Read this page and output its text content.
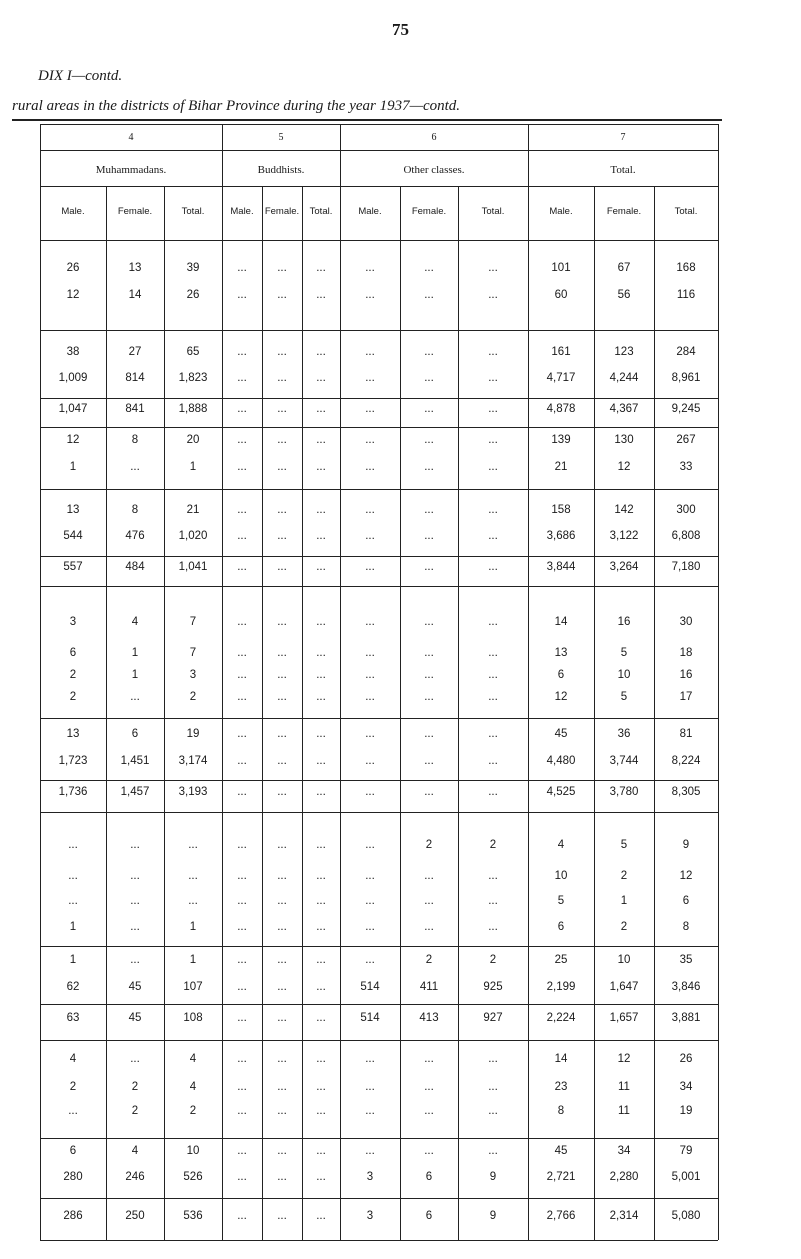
75
DIX I—contd.
rural areas in the districts of Bihar Province during the year 1937—contd.
4	5	6	7
Muhammadans.	Buddhists.	Other classes.	Total.
Male.	Female.	Total.	Male.	Female.	Total.	Male.	Female.	Total.	Male.	Female.	Total.
26	13	39	...	...	...	...	...	...	101	67	168
12	14	26	...	...	...	...	...	...	60	56	116
38	27	65	...	...	...	...	...	...	161	123	284
1,009	814	1,823	...	...	...	...	...	...	4,717	4,244	8,961
1,047	841	1,888	...	...	...	...	...	...	4,878	4,367	9,245
12	8	20	...	...	...	...	...	...	139	130	267
1	...	1	...	...	...	...	...	...	21	12	33
13	8	21	...	...	...	...	...	...	158	142	300
544	476	1,020	...	...	...	...	...	...	3,686	3,122	6,808
557	484	1,041	...	...	...	...	...	...	3,844	3,264	7,180
3	4	7	...	...	...	...	...	...	14	16	30
6	1	7	...	...	...	...	...	...	13	5	18
2	1	3	...	...	...	...	...	...	6	10	16
2	...	2	...	...	...	...	...	...	12	5	17
13	6	19	...	...	...	...	...	...	45	36	81
1,723	1,451	3,174	...	...	...	...	...	...	4,480	3,744	8,224
1,736	1,457	3,193	...	...	...	...	...	...	4,525	3,780	8,305
...	...	...	...	...	...	...	2	2	4	5	9
...	...	...	...	...	...	...	...	...	10	2	12
...	...	...	...	...	...	...	...	...	5	1	6
1	...	1	...	...	...	...	...	...	6	2	8
1	...	1	...	...	...	...	2	2	25	10	35
62	45	107	...	...	...	514	411	925	2,199	1,647	3,846
63	45	108	...	...	...	514	413	927	2,224	1,657	3,881
4	...	4	...	...	...	...	...	...	14	12	26
2	2	4	...	...	...	...	...	...	23	11	34
...	2	2	...	...	...	...	...	...	8	11	19
6	4	10	...	...	...	...	...	...	45	34	79
280	246	526	...	...	...	3	6	9	2,721	2,280	5,001
286	250	536	...	...	...	3	6	9	2,766	2,314	5,080
